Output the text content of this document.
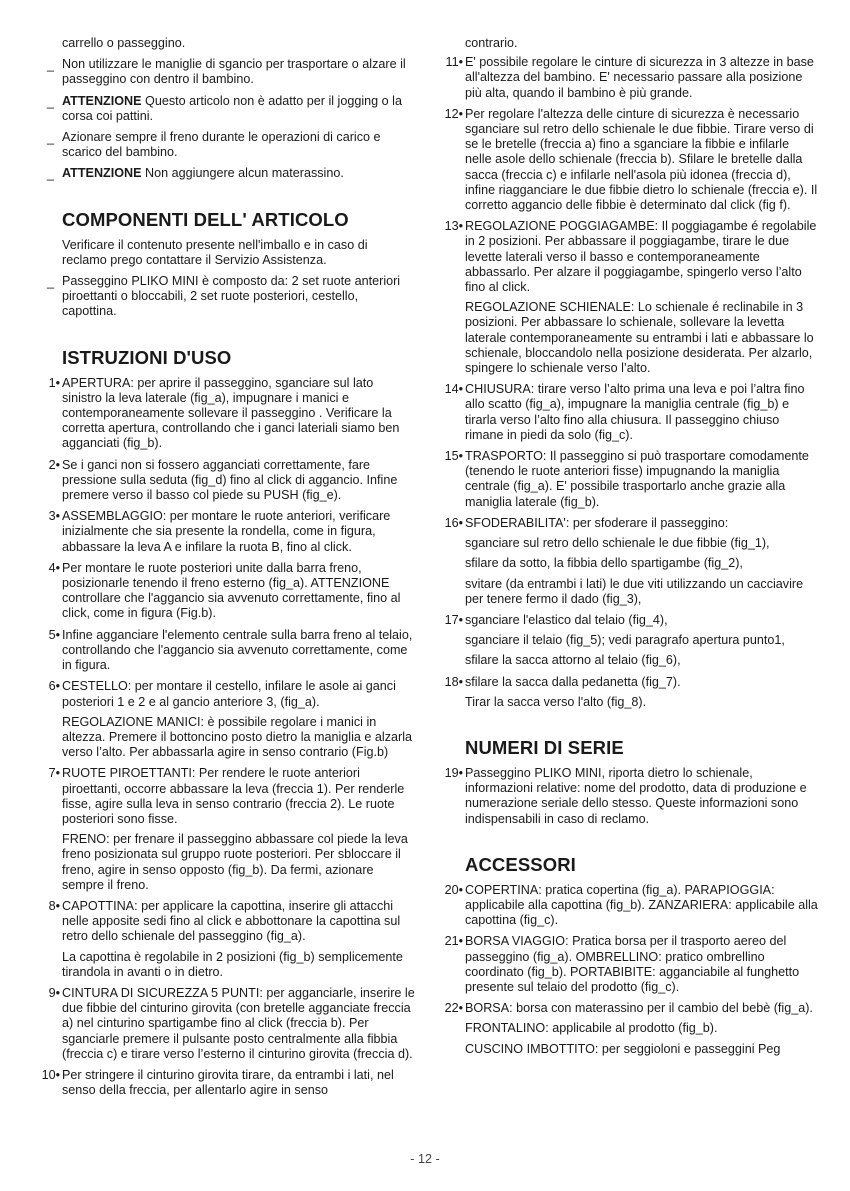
carrello o passeggino.

_ Non utilizzare le maniglie di sgancio per trasportare o alzare il passeggino con dentro il bambino.

_ ATTENZIONE Questo articolo non è adatto per il jogging o la corsa coi pattini.

_ Azionare sempre il freno durante le operazioni di carico e scarico del bambino.

_ ATTENZIONE Non aggiungere alcun materassino.

COMPONENTI DELL' ARTICOLO

Verificare il contenuto presente nell'imballo e in caso di reclamo prego contattare il Servizio Assistenza.

_ Passeggino PLIKO MINI è composto da: 2 set ruote anteriori piroettanti o bloccabili, 2 set ruote posteriori, cestello, capottina.

ISTRUZIONI D'USO

1• APERTURA: per aprire il passeggino, sganciare sul lato sinistro la leva laterale (fig_a), impugnare i manici e contemporaneamente sollevare il passeggino . Verificare la corretta apertura, controllando che i ganci lateriali siamo ben agganciati (fig_b).

2• Se i ganci non si fossero agganciati correttamente, fare pressione sulla seduta (fig_d) fino al click di aggancio. Infine premere verso il basso col piede su PUSH (fig_e).

3• ASSEMBLAGGIO: per montare le ruote anteriori, verificare inizialmente che sia presente la rondella, come in figura, abbassare la leva A e infilare la ruota B, fino al click.

4• Per montare le ruote posteriori unite dalla barra freno, posizionarle tenendo il freno esterno (fig_a). ATTENZIONE controllare che l'aggancio sia avvenuto correttamente, fino al click, come in figura (Fig.b).

5• Infine agganciare l'elemento centrale sulla barra freno al telaio, controllando che l'aggancio sia avvenuto correttamente, come in figura.

6• CESTELLO: per montare il cestello, infilare le asole ai ganci posteriori 1 e 2 e al gancio anteriore 3, (fig_a).

REGOLAZIONE MANICI: è possibile regolare i manici in altezza. Premere il bottoncino posto dietro la maniglia e alzarla verso l’alto. Per abbassarla agire in senso contrario (Fig.b)

7• RUOTE PIROETTANTI: Per rendere le ruote anteriori piroettanti, occorre abbassare la leva (freccia 1). Per renderle fisse, agire sulla leva in senso contrario (freccia 2). Le ruote posteriori sono fisse.

FRENO: per frenare il passeggino abbassare col piede la leva freno posizionata sul gruppo ruote posteriori. Per sbloccare il freno, agire in senso opposto (fig_b). Da fermi, azionare sempre il freno.

8• CAPOTTINA: per applicare la capottina, inserire gli attacchi nelle apposite sedi fino al click e abbottonare la capottina sul retro dello schienale del passeggino (fig_a).

La capottina è regolabile in 2 posizioni (fig_b) semplicemente tirandola in avanti o in dietro.

9• CINTURA DI SICUREZZA 5 PUNTI: per agganciarle, inserire le due fibbie del cinturino girovita (con bretelle agganciate freccia a) nel cinturino spartigambe fino al click (freccia b). Per sganciarle premere il pulsante posto centralmente alla fibbia (freccia c) e tirare verso l’esterno il cinturino girovita (freccia d).

10• Per stringere il cinturino girovita tirare, da entrambi i lati, nel senso della freccia, per allentarlo agire in senso

contrario.

11• E' possibile regolare le cinture di sicurezza in 3 altezze in base all'altezza del bambino. E' necessario passare alla posizione più alta, quando il bambino è più grande.

12• Per regolare l'altezza delle cinture di sicurezza è necessario sganciare sul retro dello schienale le due fibbie. Tirare verso di se le bretelle (freccia a) fino a sganciare la fibbie e infilarle nelle asole dello schienale (freccia b). Sfilare le bretelle dalla sacca (freccia c) e infilarle nell'asola più idonea (freccia d), infine riagganciare le due fibbie dietro lo schienale (freccia e). Il corretto aggancio delle fibbie è determinato dal click (fig f).

13• REGOLAZIONE POGGIAGAMBE: Il poggiagambe é regolabile in 2 posizioni. Per abbassare il poggiagambe, tirare le due levette laterali verso il basso e contemporaneamente abbassarlo. Per alzare il poggiagambe, spingerlo verso l’alto fino al click.

REGOLAZIONE SCHIENALE: Lo schienale é reclinabile in 3 posizioni. Per abbassare lo schienale, sollevare la levetta laterale contemporaneamente su entrambi i lati e abbassare lo schienale, bloccandolo nella posizione desiderata. Per alzarlo, spingere lo schienale verso l’alto.

14• CHIUSURA: tirare verso l’alto prima una leva e poi l’altra fino allo scatto (fig_a), impugnare la maniglia centrale (fig_b) e tirarla verso l’alto fino alla chiusura. Il passeggino chiuso rimane in piedi da solo (fig_c).

15• TRASPORTO: Il passeggino si può trasportare comodamente (tenendo le ruote anteriori fisse) impugnando la maniglia centrale (fig_a). E' possibile trasportarlo anche grazie alla maniglia laterale (fig_b).

16• SFODERABILITA': per sfoderare il passeggino:

sganciare sul retro dello schienale le due fibbie (fig_1),

sfilare da sotto, la fibbia dello spartigambe (fig_2),

svitare (da entrambi i lati) le due viti utilizzando un cacciavire per tenere fermo il dado (fig_3),

17• sganciare l'elastico dal telaio (fig_4),

sganciare il telaio (fig_5); vedi paragrafo apertura punto1,

sfilare la sacca attorno al telaio (fig_6),

18• sfilare la sacca dalla pedanetta (fig_7).

Tirar la sacca verso l'alto (fig_8).

NUMERI DI SERIE

19• Passeggino PLIKO MINI, riporta dietro lo schienale, informazioni relative: nome del prodotto, data di produzione e numerazione seriale dello stesso. Queste informazioni sono indispensabili in caso di reclamo.

ACCESSORI

20• COPERTINA: pratica copertina (fig_a). PARAPIOGGIA: applicabile alla capottina (fig_b). ZANZARIERA: applicabile alla capottina (fig_c).

21• BORSA VIAGGIO: Pratica borsa per il trasporto aereo del passeggino (fig_a). OMBRELLINO: pratico ombrellino coordinato (fig_b). PORTABIBITE: agganciabile al funghetto presente sul telaio del prodotto (fig_c).

22• BORSA: borsa con materassino per il cambio del bebè (fig_a).

FRONTALINO: applicabile al prodotto (fig_b).

CUSCINO IMBOTTITO: per seggioloni e passeggini Peg

- 12 -
